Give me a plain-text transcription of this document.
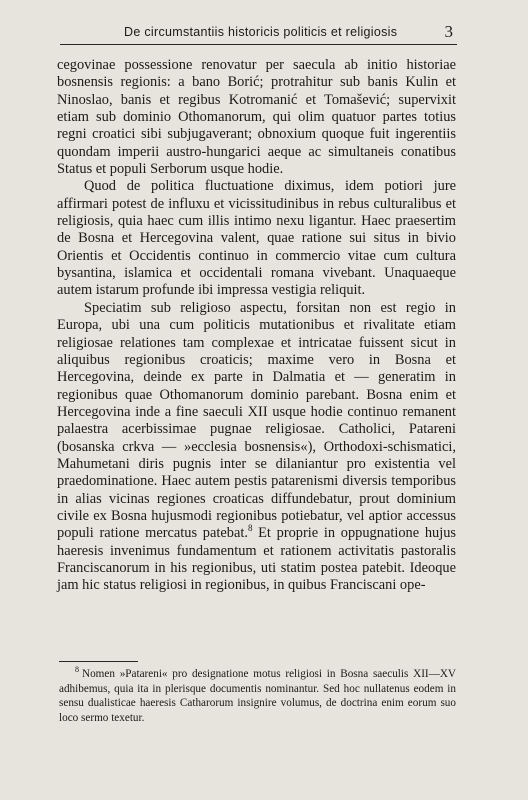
De circumstantiis historicis politicis et religiosis	3

cegovinae possessione renovatur per saecula ab initio historiae bosnensis regionis: a bano Borić; protrahitur sub banis Kulin et Ninoslao, banis et regibus Kotromanić et Tomašević; supervixit etiam sub dominio Othomanorum, qui olim quatuor partes totius regni croatici sibi subjugaverant; obnoxium quoque fuit ingerentiis quondam imperii austro-hungarici aeque ac simultaneis conatibus Status et populi Serborum usque hodie.

Quod de politica fluctuatione diximus, idem potiori jure affirmari potest de influxu et vicissitudinibus in rebus culturalibus et religiosis, quia haec cum illis intimo nexu ligantur. Haec praesertim de Bosna et Hercegovina valent, quae ratione sui situs in bivio Orientis et Occidentis continuo in commercio vitae cum cultura bysantina, islamica et occidentali romana vivebant. Unaquaeque autem istarum profunde ibi impressa vestigia reliquit.

Speciatim sub religioso aspectu, forsitan non est regio in Europa, ubi una cum politicis mutationibus et rivalitate etiam religiosae relationes tam complexae et intricatae fuissent sicut in aliquibus regionibus croaticis; maxime vero in Bosna et Hercegovina, deinde ex parte in Dalmatia et — generatim in regionibus quae Othomanorum dominio parebant. Bosna enim et Hercegovina inde a fine saeculi XII usque hodie continuo remanent palaestra acerbissimae pugnae religiosae. Catholici, Patareni (bosanska crkva — »ecclesia bosnensis«), Orthodoxi-schismatici, Mahumetani diris pugnis inter se dilaniantur pro existentia vel praedominatione. Haec autem pestis patarenismi diversis temporibus in alias vicinas regiones croaticas diffundebatur, prout dominium civile ex Bosna hujusmodi regionibus potiebatur, vel aptior accessus populi ratione mercatus patebat.$^8$ Et proprie in oppugnatione hujus haeresis invenimus fundamentum et rationem activitatis pastoralis Franciscanorum in his regionibus, uti statim postea patebit. Ideoque jam hic status religiosi in regionibus, in quibus Franciscani ope-

$^8$ Nomen »Patareni« pro designatione motus religiosi in Bosna saeculis XII—XV adhibemus, quia ita in plerisque documentis nominantur. Sed hoc nullatenus eodem in sensu dualisticae haeresis Catharorum insignire volumus, de doctrina enim eorum suo loco sermo texetur.
